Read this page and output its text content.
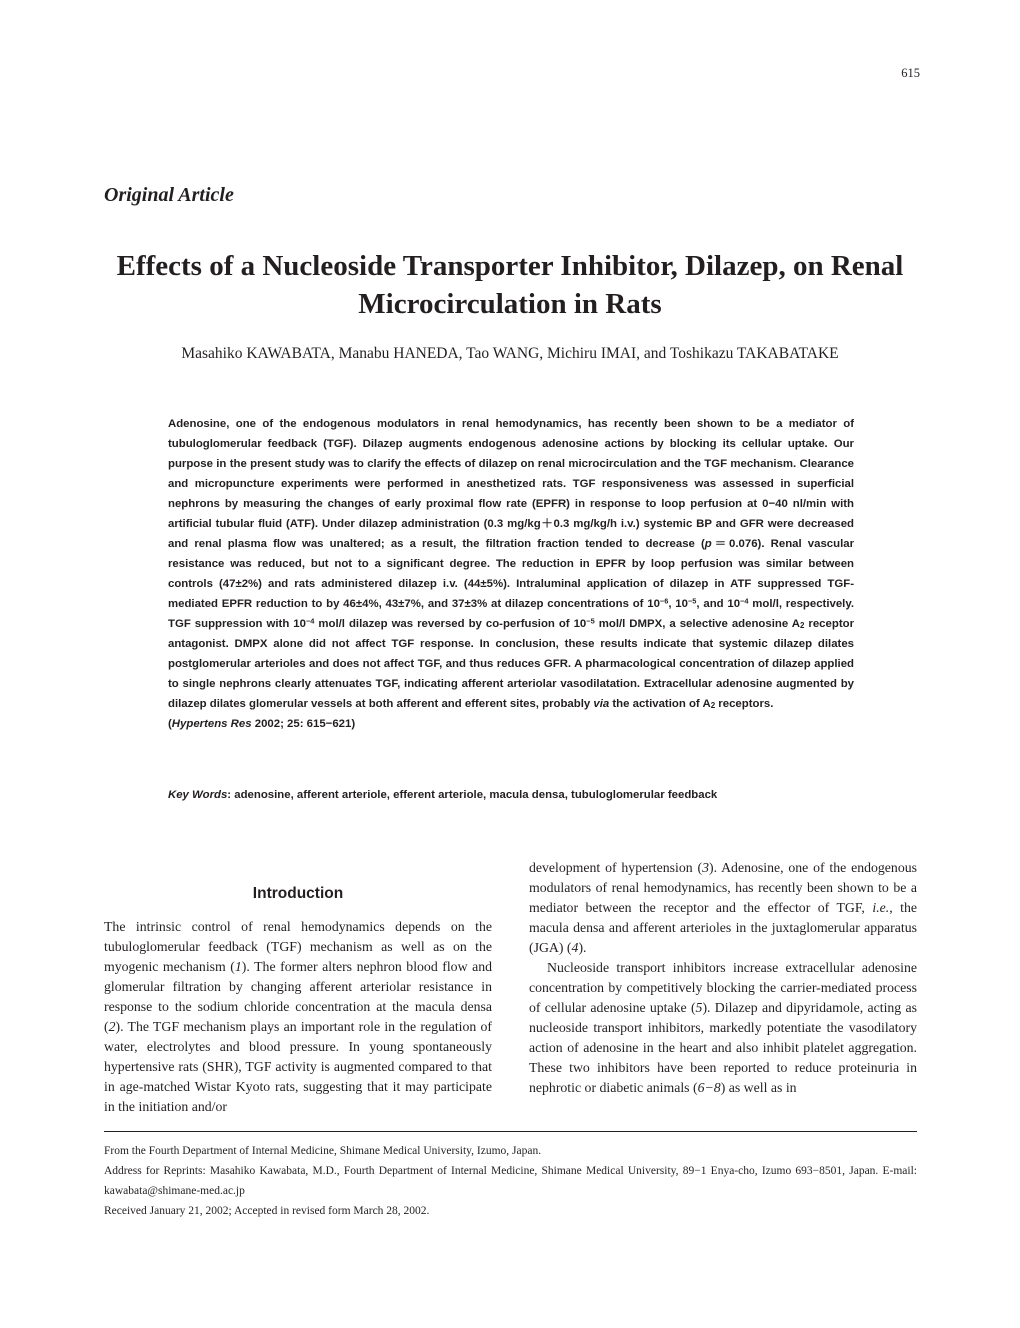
615
Original Article
Effects of a Nucleoside Transporter Inhibitor, Dilazep, on Renal Microcirculation in Rats
Masahiko KAWABATA, Manabu HANEDA, Tao WANG, Michiru IMAI, and Toshikazu TAKABATAKE
Adenosine, one of the endogenous modulators in renal hemodynamics, has recently been shown to be a mediator of tubuloglomerular feedback (TGF). Dilazep augments endogenous adenosine actions by blocking its cellular uptake. Our purpose in the present study was to clarify the effects of dilazep on renal microcirculation and the TGF mechanism. Clearance and micropuncture experiments were performed in anesthetized rats. TGF responsiveness was assessed in superficial nephrons by measuring the changes of early proximal flow rate (EPFR) in response to loop perfusion at 0−40 nl/min with artificial tubular fluid (ATF). Under dilazep administration (0.3 mg/kg＋0.3 mg/kg/h i.v.) systemic BP and GFR were decreased and renal plasma flow was unaltered; as a result, the filtration fraction tended to decrease (p＝0.076). Renal vascular resistance was reduced, but not to a significant degree. The reduction in EPFR by loop perfusion was similar between controls (47±2%) and rats administered dilazep i.v. (44±5%). Intraluminal application of dilazep in ATF suppressed TGF-mediated EPFR reduction to by 46±4%, 43±7%, and 37±3% at dilazep concentrations of $10^{-6}$, $10^{-5}$, and $10^{-4}$ mol/l, respectively. TGF suppression with $10^{-4}$ mol/l dilazep was reversed by co-perfusion of $10^{-5}$ mol/l DMPX, a selective adenosine $A_2$ receptor antagonist. DMPX alone did not affect TGF response. In conclusion, these results indicate that systemic dilazep dilates postglomerular arterioles and does not affect TGF, and thus reduces GFR. A pharmacological concentration of dilazep applied to single nephrons clearly attenuates TGF, indicating afferent arteriolar vasodilatation. Extracellular adenosine augmented by dilazep dilates glomerular vessels at both afferent and efferent sites, probably via the activation of $A_2$ receptors.
(Hypertens Res 2002; 25: 615−621)
Key Words: adenosine, afferent arteriole, efferent arteriole, macula densa, tubuloglomerular feedback
Introduction

The intrinsic control of renal hemodynamics depends on the tubuloglomerular feedback (TGF) mechanism as well as on the myogenic mechanism (1). The former alters nephron blood flow and glomerular filtration by changing afferent arteriolar resistance in response to the sodium chloride concentration at the macula densa (2). The TGF mechanism plays an important role in the regulation of water, electrolytes and blood pressure. In young spontaneously hypertensive rats (SHR), TGF activity is augmented compared to that in age-matched Wistar Kyoto rats, suggesting that it may participate in the initiation and/or

development of hypertension (3). Adenosine, one of the endogenous modulators of renal hemodynamics, has recently been shown to be a mediator between the receptor and the effector of TGF, i.e., the macula densa and afferent arterioles in the juxtaglomerular apparatus (JGA) (4).

Nucleoside transport inhibitors increase extracellular adenosine concentration by competitively blocking the carrier-mediated process of cellular adenosine uptake (5). Dilazep and dipyridamole, acting as nucleoside transport inhibitors, markedly potentiate the vasodilatory action of adenosine in the heart and also inhibit platelet aggregation. These two inhibitors have been reported to reduce proteinuria in nephrotic or diabetic animals (6−8) as well as in

From the Fourth Department of Internal Medicine, Shimane Medical University, Izumo, Japan.

Address for Reprints: Masahiko Kawabata, M.D., Fourth Department of Internal Medicine, Shimane Medical University, 89−1 Enya-cho, Izumo 693−8501, Japan. E-mail: kawabata@shimane-med.ac.jp

Received January 21, 2002; Accepted in revised form March 28, 2002.
